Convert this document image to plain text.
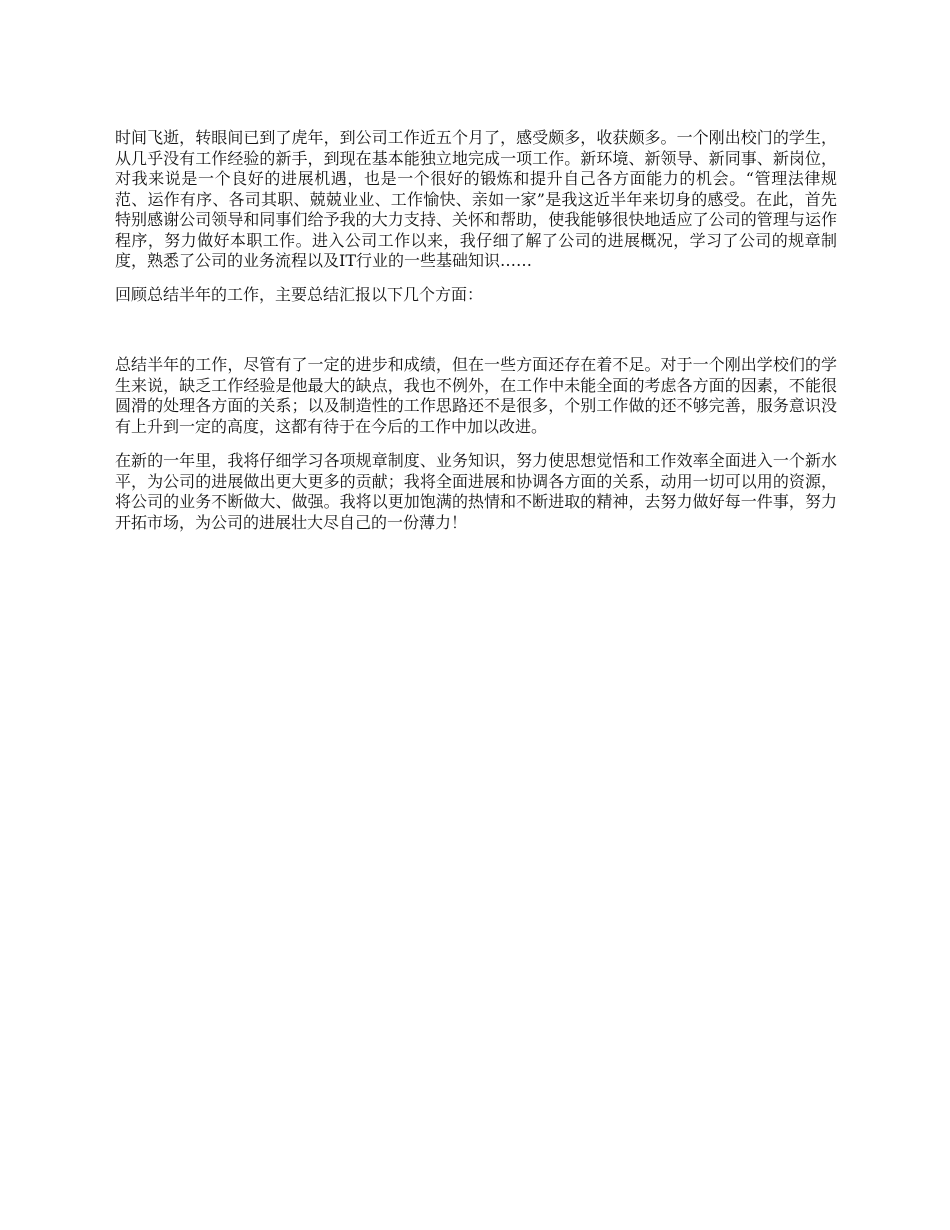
时间飞逝，转眼间已到了虎年，到公司工作近五个月了，感受颇多，收获颇多。一个刚出校门的学生，从几乎没有工作经验的新手，到现在基本能独立地完成一项工作。新环境、新领导、新同事、新岗位，对我来说是一个良好的进展机遇，也是一个很好的锻炼和提升自己各方面能力的机会。“管理法律规范、运作有序、各司其职、兢兢业业、工作愉快、亲如一家”是我这近半年来切身的感受。在此，首先特别感谢公司领导和同事们给予我的大力支持、关怀和帮助，使我能够很快地适应了公司的管理与运作程序，努力做好本职工作。进入公司工作以来，我仔细了解了公司的进展概况，学习了公司的规章制度，熟悉了公司的业务流程以及IT行业的一些基础知识……

回顾总结半年的工作，主要总结汇报以下几个方面：

总结半年的工作，尽管有了一定的进步和成绩，但在一些方面还存在着不足。对于一个刚出学校们的学生来说，缺乏工作经验是他最大的缺点，我也不例外，在工作中未能全面的考虑各方面的因素，不能很圆滑的处理各方面的关系；以及制造性的工作思路还不是很多，个别工作做的还不够完善，服务意识没有上升到一定的高度，这都有待于在今后的工作中加以改进。

在新的一年里，我将仔细学习各项规章制度、业务知识，努力使思想觉悟和工作效率全面进入一个新水平，为公司的进展做出更大更多的贡献；我将全面进展和协调各方面的关系，动用一切可以用的资源，将公司的业务不断做大、做强。我将以更加饱满的热情和不断进取的精神，去努力做好每一件事，努力开拓市场，为公司的进展壮大尽自己的一份薄力！
